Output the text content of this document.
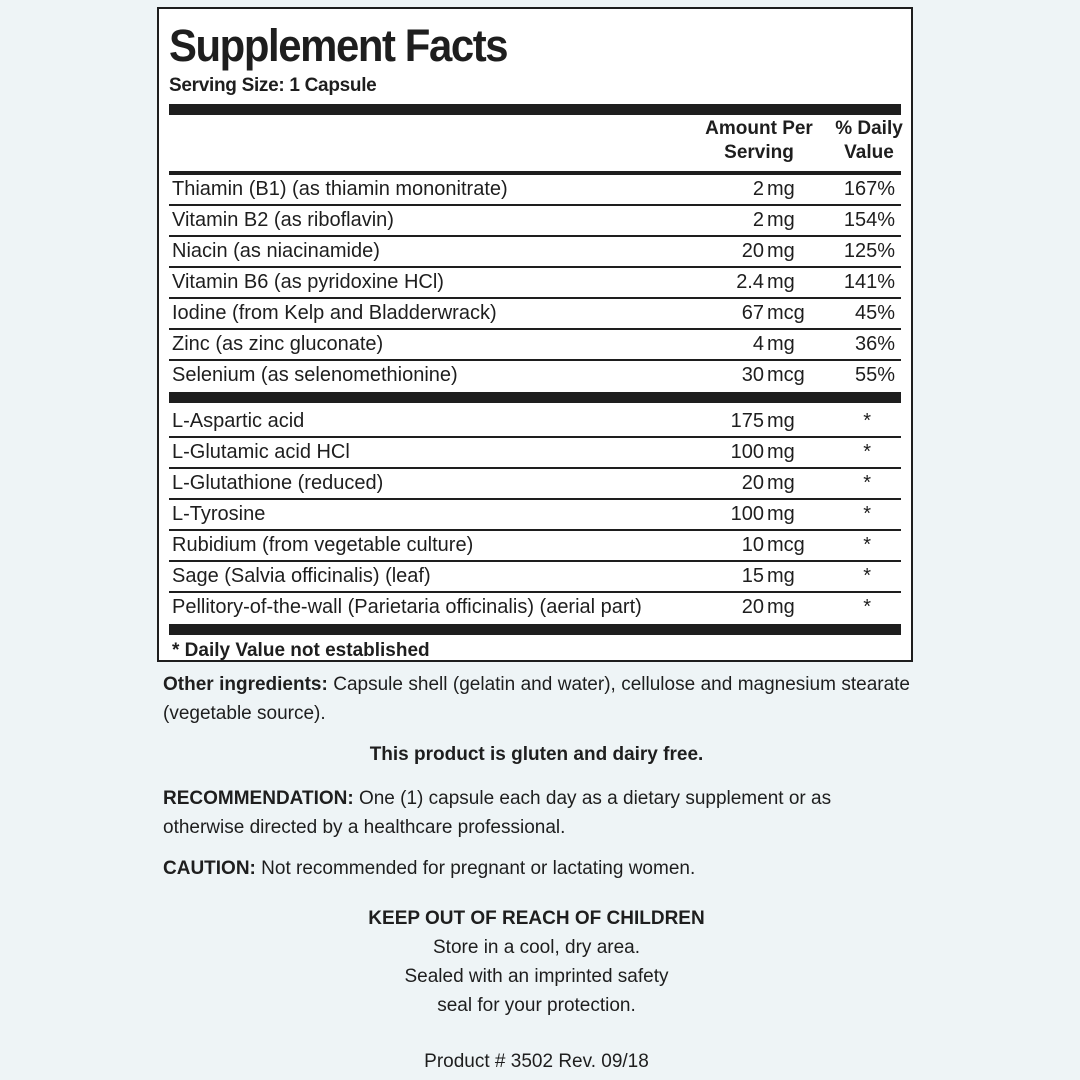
Supplement Facts
Serving Size: 1 Capsule
Amount Per
Serving
% Daily
Value
Thiamin (B1) (as thiamin mononitrate)	2 mg 167%
Vitamin B2 (as riboflavin)	2 mg 154%
Niacin (as niacinamide)	20 mg 125%
Vitamin B6 (as pyridoxine HCl)	2.4 mg 141%
Iodine (from Kelp and Bladderwrack)	67 mcg	45%
Zinc (as zinc gluconate)	4 mg	36%
Selenium (as selenomethionine)	30 mcg	55%
L-Aspartic acid	175 mg	*
L-Glutamic acid HCl	100 mg	*
L-Glutathione (reduced)	20 mg	*
L-Tyrosine	100 mg	*
Rubidium (from vegetable culture)	10 mcg	*
Sage (Salvia officinalis) (leaf)	15 mg	*
Pellitory-of-the-wall (Parietaria officinalis) (aerial part)	20 mg	*
* Daily Value not established
Other ingredients: Capsule shell (gelatin and water), cellulose and magnesium stearate (vegetable source).
This product is gluten and dairy free.
RECOMMENDATION: One (1) capsule each day as a dietary supplement or as otherwise directed by a healthcare professional.
CAUTION: Not recommended for pregnant or lactating women.
KEEP OUT OF REACH OF CHILDREN
Store in a cool, dry area.
Sealed with an imprinted safety
seal for your protection.
Product # 3502 Rev. 09/18
